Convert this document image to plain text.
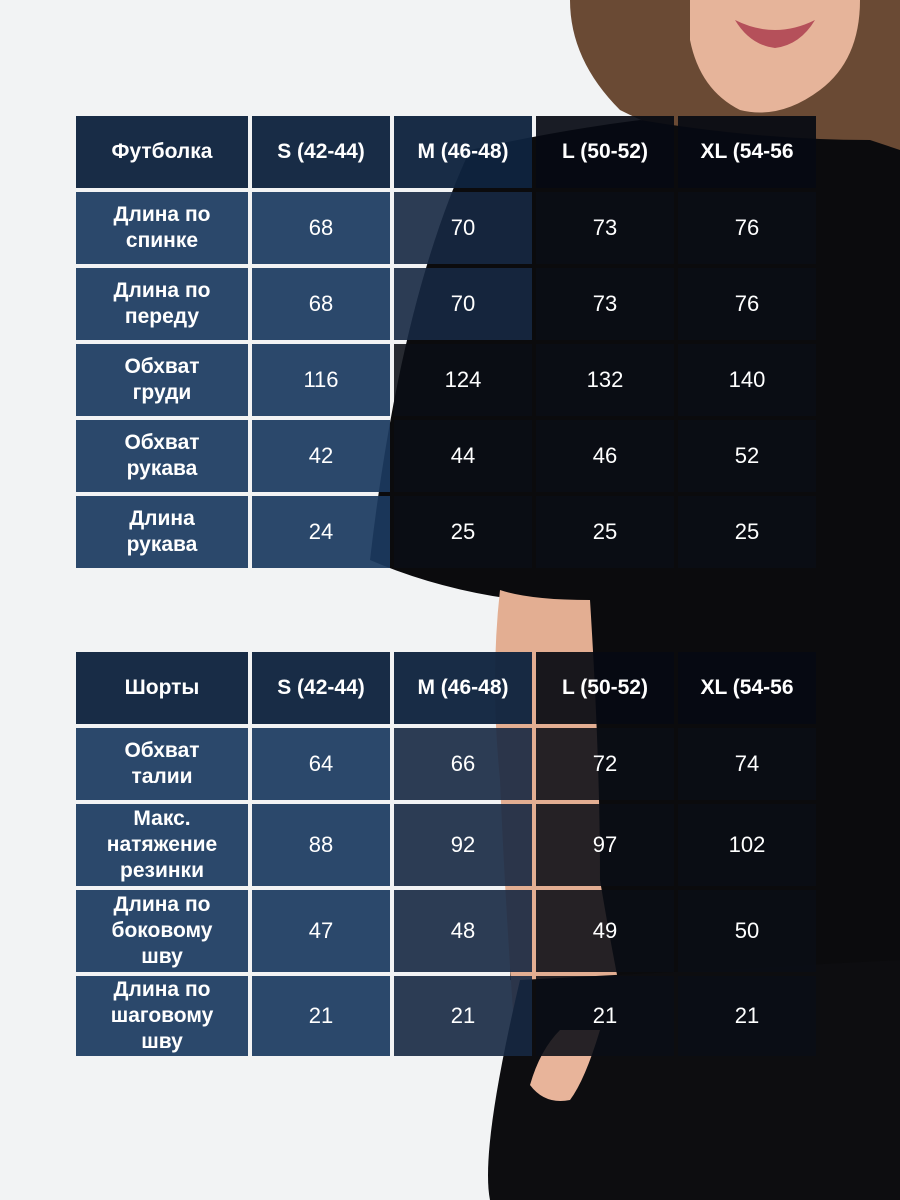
Футболка	S (42-44)	M (46-48)	L (50-52)	XL (54-56
Длина по
спинке
68	70	73	76
Длина по
переду
68	70	73	76
Обхват
груди
116	124	132	140
Обхват
рукава
42	44	46	52
Длина
рукава
24	25	25	25
Шорты	S (42-44)	M (46-48)	L (50-52)	XL (54-56
Обхват
талии
64	66	72	74
Макс.
натяжение
резинки
88	92	97	102
Длина по
боковому
шву
47	48	49	50
Длина по
шаговому
шву
21	21	21	21
